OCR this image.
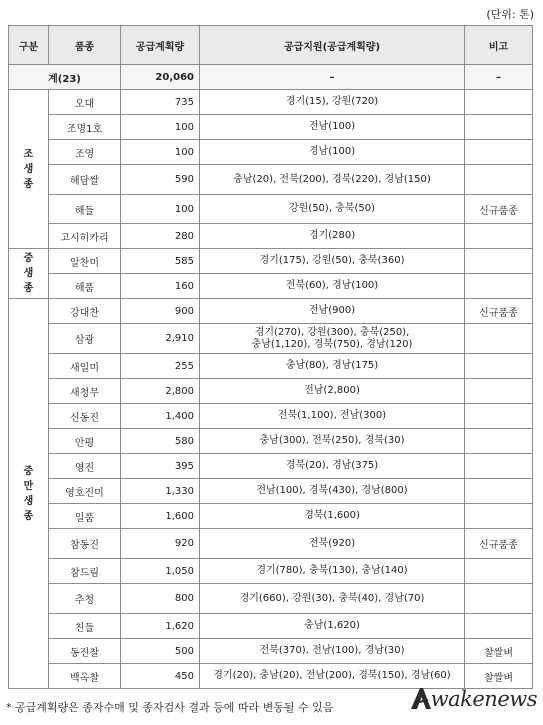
(단위: 톤)
구분	품종	공급계획량	공급지원(공급계획량)	비고
계(23)		20,060	–	–
조생종	오대	735	경기(15), 강원(720)	
	조명1호	100	전남(100)	
	조영	100	경남(100)	
	해담쌀	590	충남(20), 전북(200), 경북(220), 경남(150)	
	해들	100	강원(50), 충북(50)	신규품종
	고시히카리	280	경기(280)	
중생종	알찬미	585	경기(175), 강원(50), 충북(360)	
	해품	160	전북(60), 경남(100)	
중만생종	강대찬	900	전남(900)	신규품종
	삼광	2,910	경기(270), 강원(300), 충북(250),
충남(1,120), 경북(750), 경남(120)	
	새일미	255	충남(80), 경남(175)	
	새청무	2,800	전남(2,800)	
	신동진	1,400	전북(1,100), 전남(300)	
	안평	580	충남(300), 전북(250), 경북(30)	
	영진	395	경북(20), 경남(375)	
	영호진미	1,330	전남(100), 경북(430), 경남(800)	
	일품	1,600	경북(1,600)	
	참동진	920	전북(920)	신규품종
	참드림	1,050	경기(780), 충북(130), 충남(140)	
	추청	800	경기(660), 강원(30), 충북(40), 경남(70)	
	친들	1,620	충남(1,620)	
	동진찰	500	전북(370), 전남(100), 경남(30)	찰쌀벼
	백옥찰	450	경기(20), 충남(20), 전남(200), 경북(150), 경남(60)	찰쌀벼
* 공급계획량은 종자수매 및 종자검사 결과 등에 따라 변동될 수 있음	wakenews
